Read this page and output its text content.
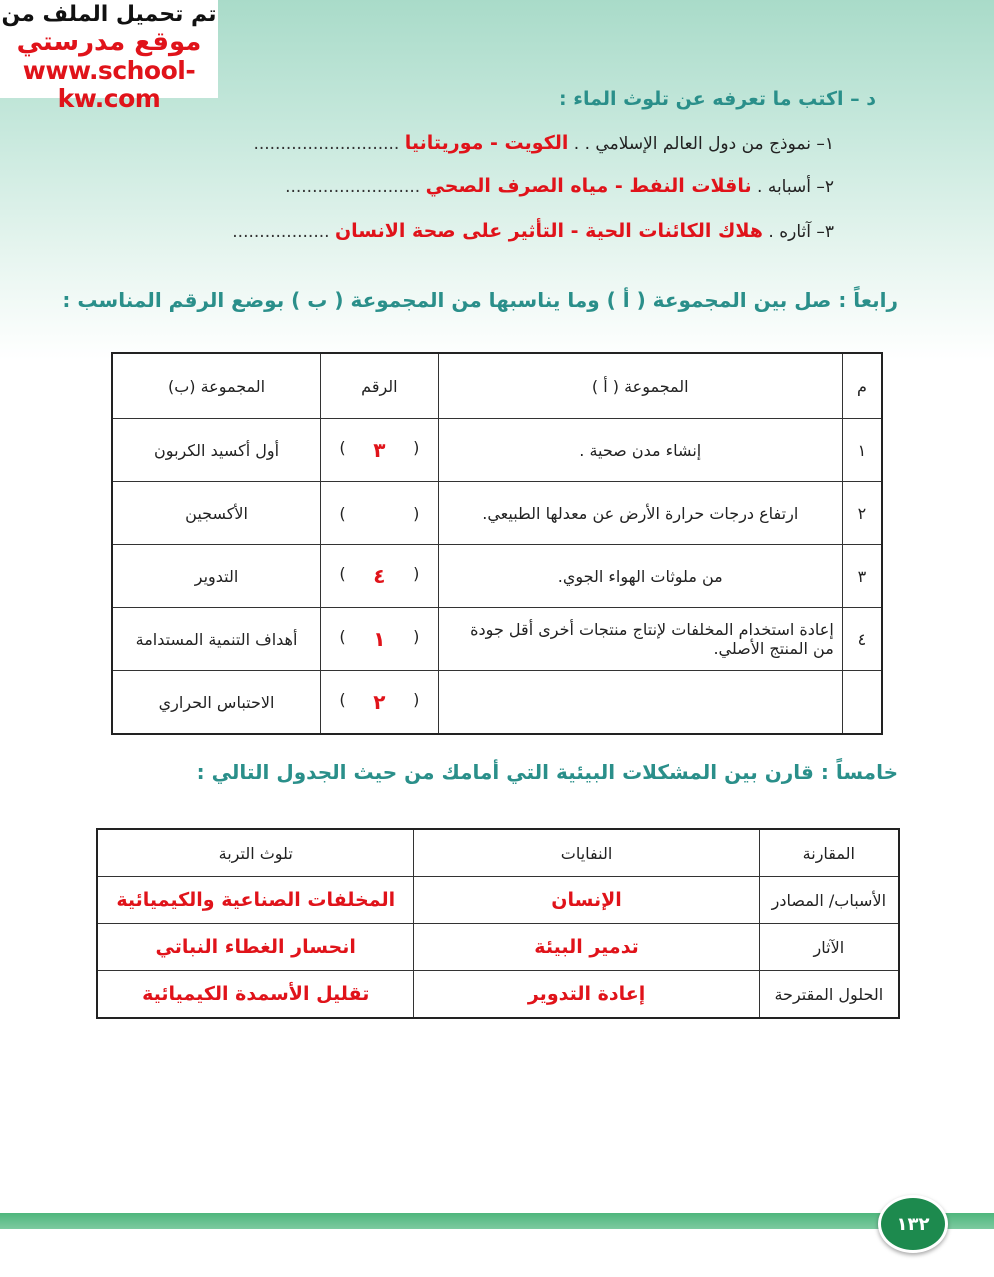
تم تحميل الملف من
موقع مدرستي
www.school-kw.com	د – اكتب ما تعرفه عن تلوث الماء :
١– نموذج من دول العالم الإسلامي . . الكويت - موريتانيا ...........................
٢– أسبابه . ناقلات النفط - مياه الصرف الصحي .........................
٣– آثاره . هلاك الكائنات الحية - التأثير على صحة الانسان ..................
رابعاً : صل بين المجموعة ( أ ) وما يناسبها من المجموعة ( ب ) بوضع الرقم المناسب :
م	المجموعة ( أ )	الرقم	المجموعة (ب)
١	إنشاء مدن صحية .	( ٣ )	أول أكسيد الكربون
٢	ارتفاع درجات حرارة الأرض عن معدلها الطبيعي.	( )	الأكسجين
٣	من ملوثات الهواء الجوي.	( ٤ )	التدوير
٤	إعادة استخدام المخلفات لإنتاج منتجات أخرى أقل جودة من المنتج الأصلي.	( ١ )	أهداف التنمية المستدامة

		( ٢ )	الاحتباس الحراري
خامساً : قارن بين المشكلات البيئية التي أمامك من حيث الجدول التالي :
المقارنة	النفايات	تلوث التربة
الأسباب/ المصادر	الإنسان	المخلفات الصناعية والكيميائية
الآثار	تدمير البيئة	انحسار الغطاء النباتي
الحلول المقترحة	إعادة التدوير	تقليل الأسمدة الكيميائية
١٣٢
